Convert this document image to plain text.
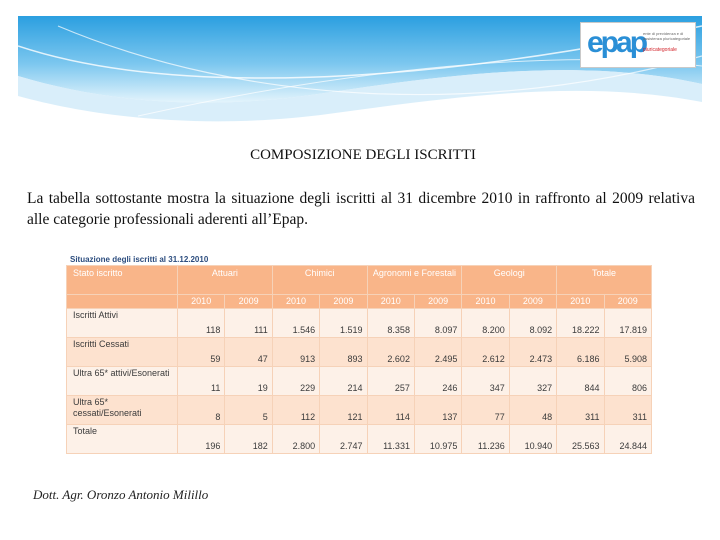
epap
ente di previdenza e di assistenza pluricategoriale
pluricategoriale
COMPOSIZIONE DEGLI ISCRITTI
La tabella sottostante mostra la situazione degli iscritti al 31 dicembre 2010 in raffronto al 2009 relativa alle categorie professionali aderenti all’Epap.
Situazione degli iscritti al 31.12.2010
Stato iscritto	Attuari		Chimici		Agronomi e Forestali		Geologi		Totale	
	2010	2009	2010	2009	2010	2009	2010	2009	2010	2009
Iscritti Attivi	118	111	1.546	1.519	8.358	8.097	8.200	8.092	18.222	17.819
Iscritti Cessati	59	47	913	893	2.602	2.495	2.612	2.473	6.186	5.908
Ultra 65* attivi/Esonerati	11	19	229	214	257	246	347	327	844	806
Ultra 65* cessati/Esonerati	8	5	112	121	114	137	77	48	311	311
Totale	196	182	2.800	2.747	11.331	10.975	11.236	10.940	25.563	24.844
Dott. Agr. Oronzo Antonio Milillo
